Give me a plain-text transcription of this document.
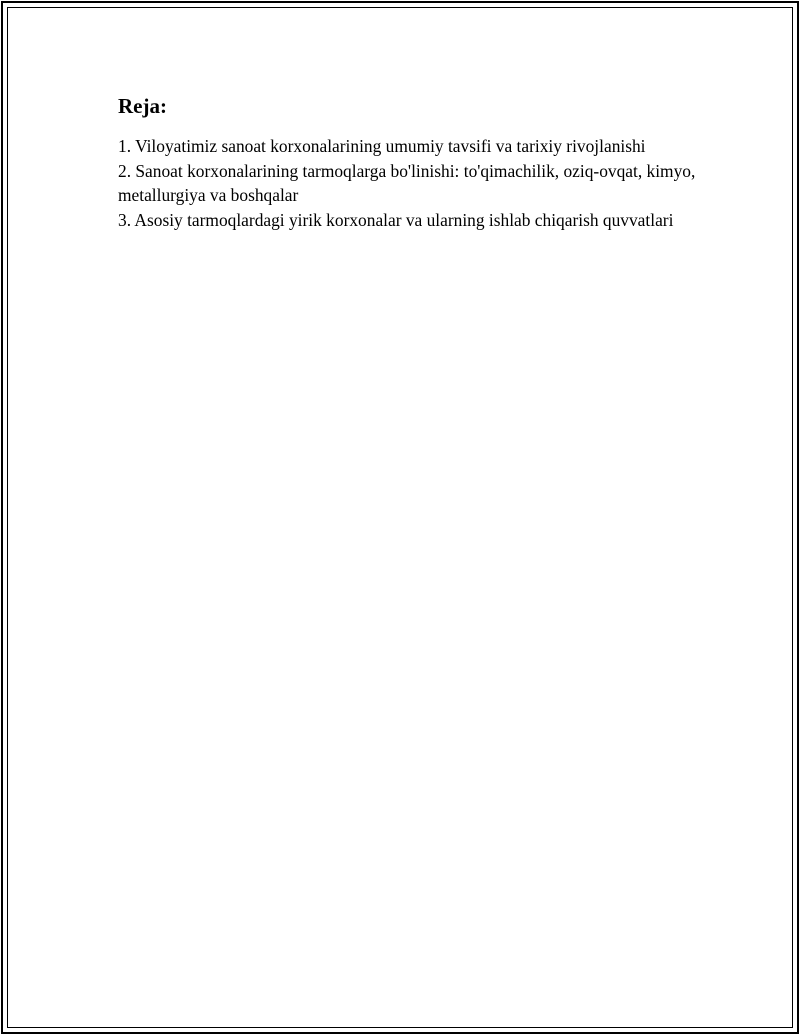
Reja:
1. Viloyatimiz sanoat korxonalarining umumiy tavsifi va tarixiy rivojlanishi
2. Sanoat korxonalarining tarmoqlarga bo'linishi: to'qimachilik, oziq-ovqat, kimyo, metallurgiya va boshqalar
3. Asosiy tarmoqlardagi yirik korxonalar va ularning ishlab chiqarish quvvatlari
